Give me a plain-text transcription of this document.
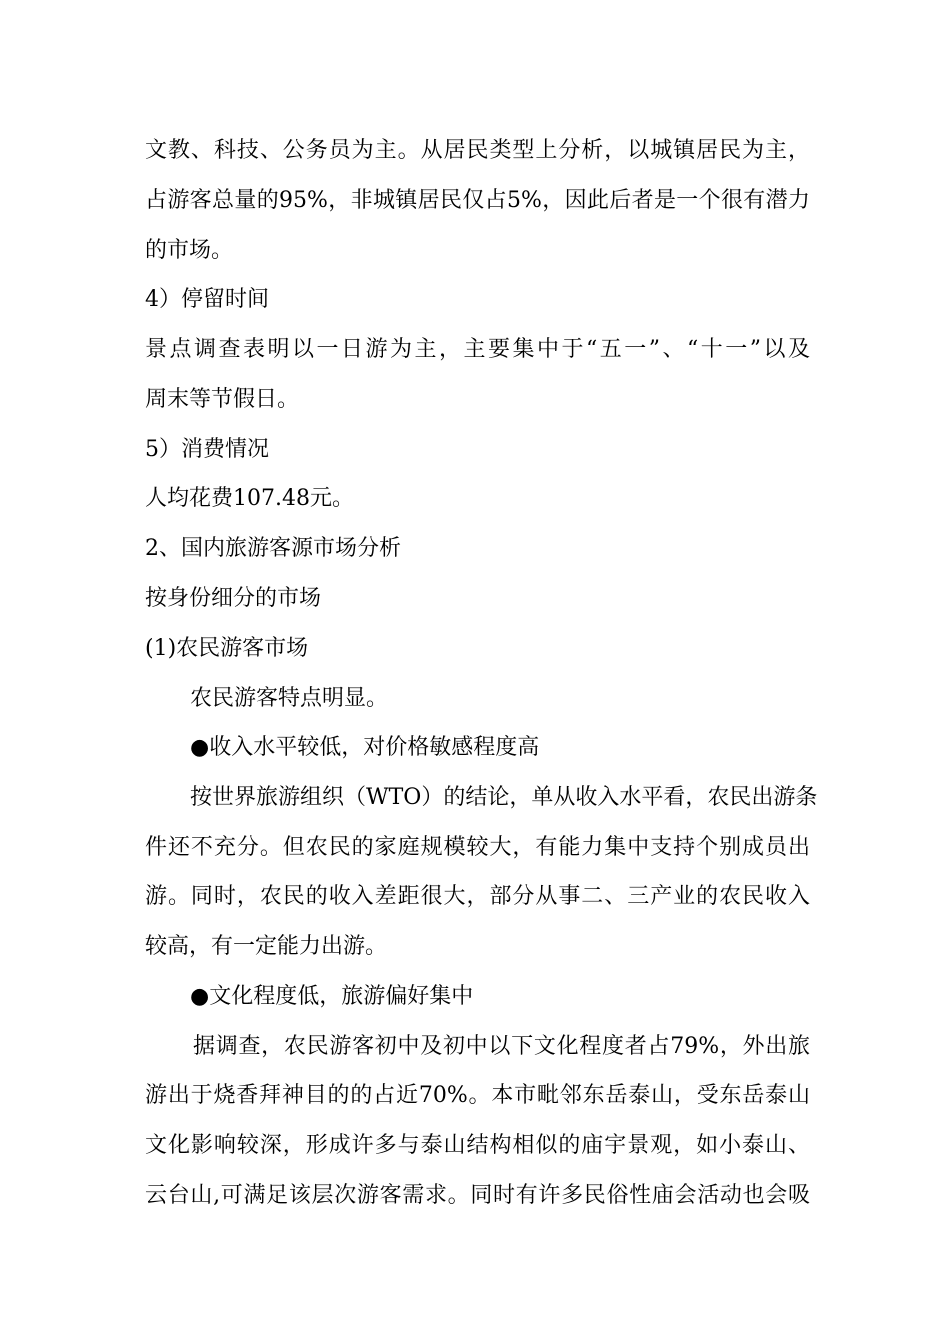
文教、科技、公务员为主。从居民类型上分析，以城镇居民为主，
占游客总量的95%，非城镇居民仅占5%，因此后者是一个很有潜力
的市场。
4）停留时间
景点调查表明以一日游为主，主要集中于“五一”、“十一”以及
周末等节假日。
5）消费情况
人均花费107.48元。
2、国内旅游客源市场分析
按身份细分的市场
(1)农民游客市场
农民游客特点明显。
●收入水平较低，对价格敏感程度高
按世界旅游组织（WTO）的结论，单从收入水平看，农民出游条
件还不充分。但农民的家庭规模较大，有能力集中支持个别成员出
游。同时，农民的收入差距很大，部分从事二、三产业的农民收入
较高，有一定能力出游。
●文化程度低，旅游偏好集中
据调查，农民游客初中及初中以下文化程度者占79%，外出旅
游出于烧香拜神目的的占近70%。本市毗邻东岳泰山，受东岳泰山
文化影响较深，形成许多与泰山结构相似的庙宇景观，如小泰山、
云台山,可满足该层次游客需求。同时有许多民俗性庙会活动也会吸
